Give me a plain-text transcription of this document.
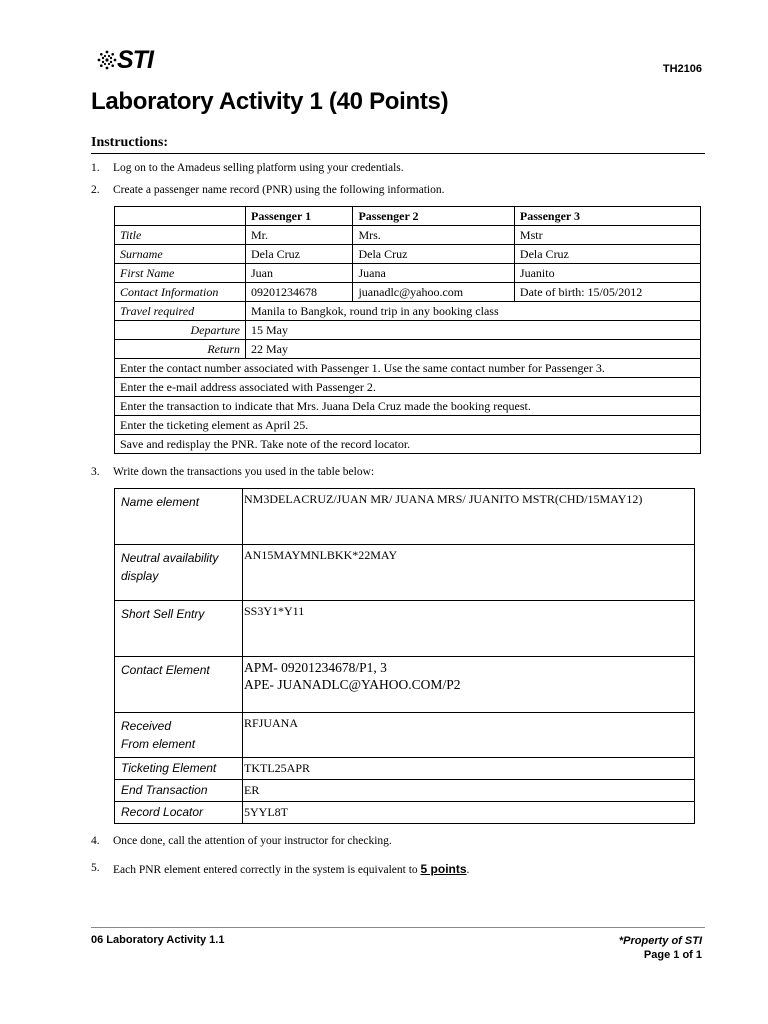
STI	TH2106
Laboratory Activity 1 (40 Points)
Instructions:
1.	Log on to the Amadeus selling platform using your credentials.
2.	Create a passenger name record (PNR) using the following information.
	Passenger 1	Passenger 2	Passenger 3
Title	Mr.	Mrs.	Mstr
Surname	Dela Cruz	Dela Cruz	Dela Cruz
First Name	Juan	Juana	Juanito
Contact Information	09201234678	juanadlc@yahoo.com	Date of birth: 15/05/2012
Travel required	Manila to Bangkok, round trip in any booking class		
Departure	15 May		
Return	22 May		
Enter the contact number associated with Passenger 1. Use the same contact number for Passenger 3.			
Enter the e-mail address associated with Passenger 2.			
Enter the transaction to indicate that Mrs. Juana Dela Cruz made the booking request.			
Enter the ticketing element as April 25.			
Save and redisplay the PNR. Take note of the record locator.			
3.	Write down the transactions you used in the table below:
Name element	NM3DELACRUZ/JUAN MR/ JUANA MRS/ JUANITO MSTR(CHD/15MAY12)
Neutral availability display	AN15MAYMNLBKK*22MAY
Short Sell Entry	SS3Y1*Y11
Contact Element	APM- 09201234678/P1, 3
APE- JUANADLC@YAHOO.COM/P2

Received
From element	RFJUANA
Ticketing Element	TKTL25APR
End Transaction	ER
Record Locator	5YYL8T
4.	Once done, call the attention of your instructor for checking.
5.	Each PNR element entered correctly in the system is equivalent to 5 points.
06 Laboratory Activity 1.1	*Property of STI
Page 1 of 1
